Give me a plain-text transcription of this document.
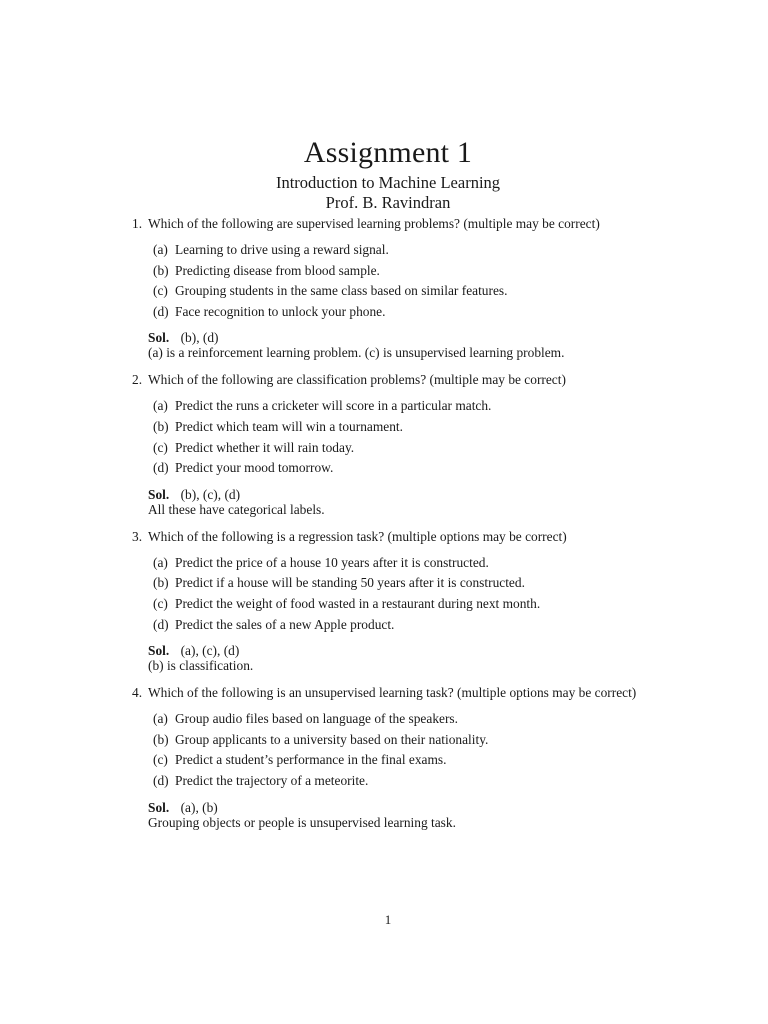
Assignment 1
Introduction to Machine Learning
Prof. B. Ravindran
1. Which of the following are supervised learning problems? (multiple may be correct)
(a) Learning to drive using a reward signal.
(b) Predicting disease from blood sample.
(c) Grouping students in the same class based on similar features.
(d) Face recognition to unlock your phone.
Sol. (b), (d)
(a) is a reinforcement learning problem. (c) is unsupervised learning problem.
2. Which of the following are classification problems? (multiple may be correct)
(a) Predict the runs a cricketer will score in a particular match.
(b) Predict which team will win a tournament.
(c) Predict whether it will rain today.
(d) Predict your mood tomorrow.
Sol. (b), (c), (d)
All these have categorical labels.
3. Which of the following is a regression task? (multiple options may be correct)
(a) Predict the price of a house 10 years after it is constructed.
(b) Predict if a house will be standing 50 years after it is constructed.
(c) Predict the weight of food wasted in a restaurant during next month.
(d) Predict the sales of a new Apple product.
Sol. (a), (c), (d)
(b) is classification.
4. Which of the following is an unsupervised learning task? (multiple options may be correct)
(a) Group audio files based on language of the speakers.
(b) Group applicants to a university based on their nationality.
(c) Predict a student’s performance in the final exams.
(d) Predict the trajectory of a meteorite.
Sol. (a), (b)
Grouping objects or people is unsupervised learning task.
1
